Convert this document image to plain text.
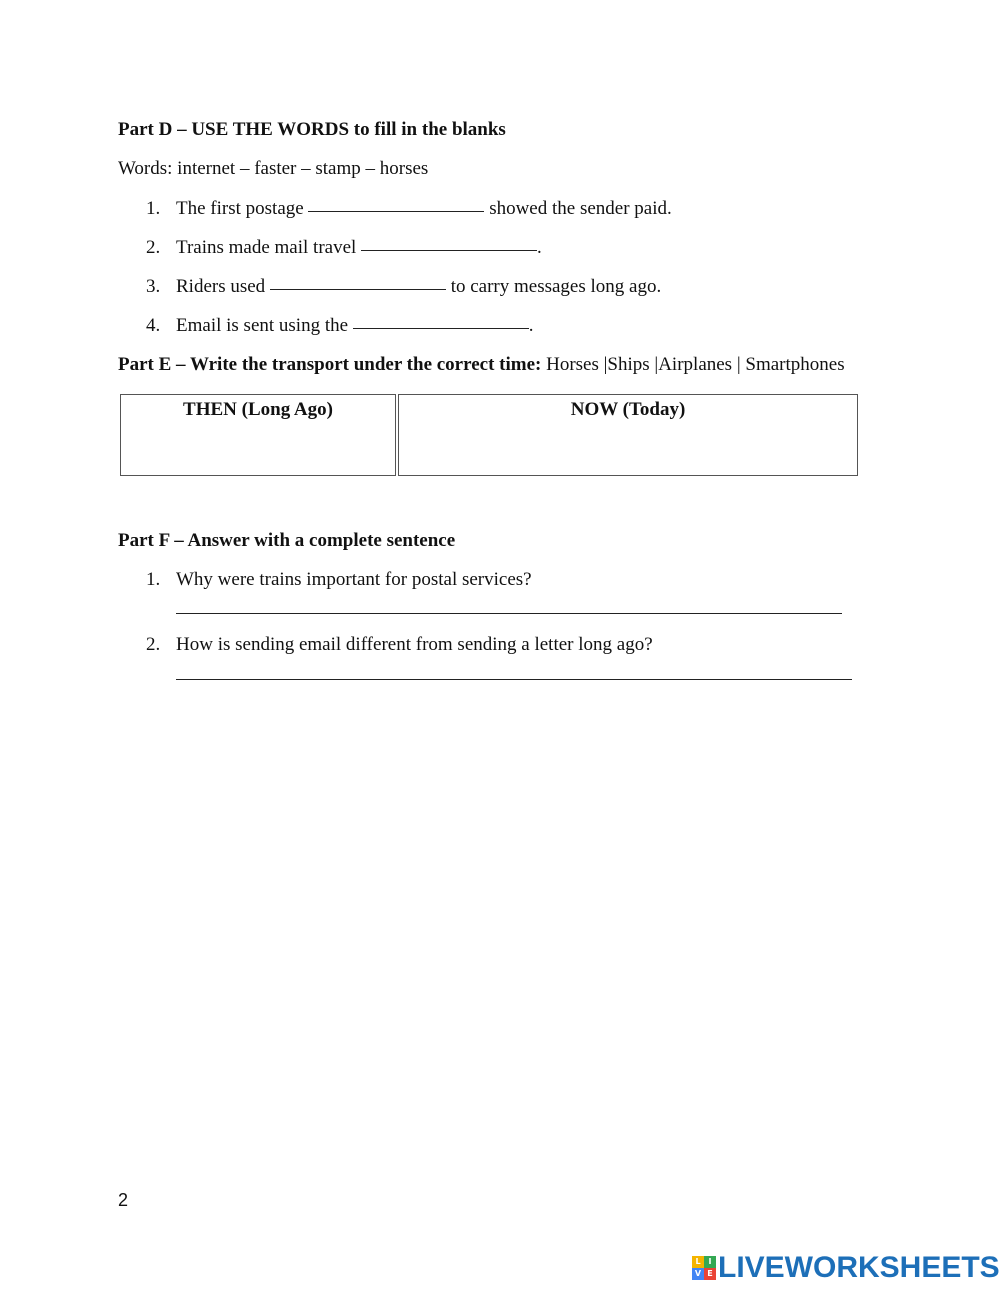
Part D – USE THE WORDS to fill in the blanks
Words: internet – faster – stamp – horses
1. The first postage	showed the sender paid.
2. Trains made mail travel	.
3. Riders used	to carry messages long ago.
4. Email is sent using the	.
Part E – Write the transport under the correct time: Horses |Ships |Airplanes | Smartphones
THEN (Long Ago)	NOW (Today)
Part F – Answer with a complete sentence
1. Why were trains important for postal services?
2. How is sending email different from sending a letter long ago?
2
L I
V E LIVEWORKSHEETS
